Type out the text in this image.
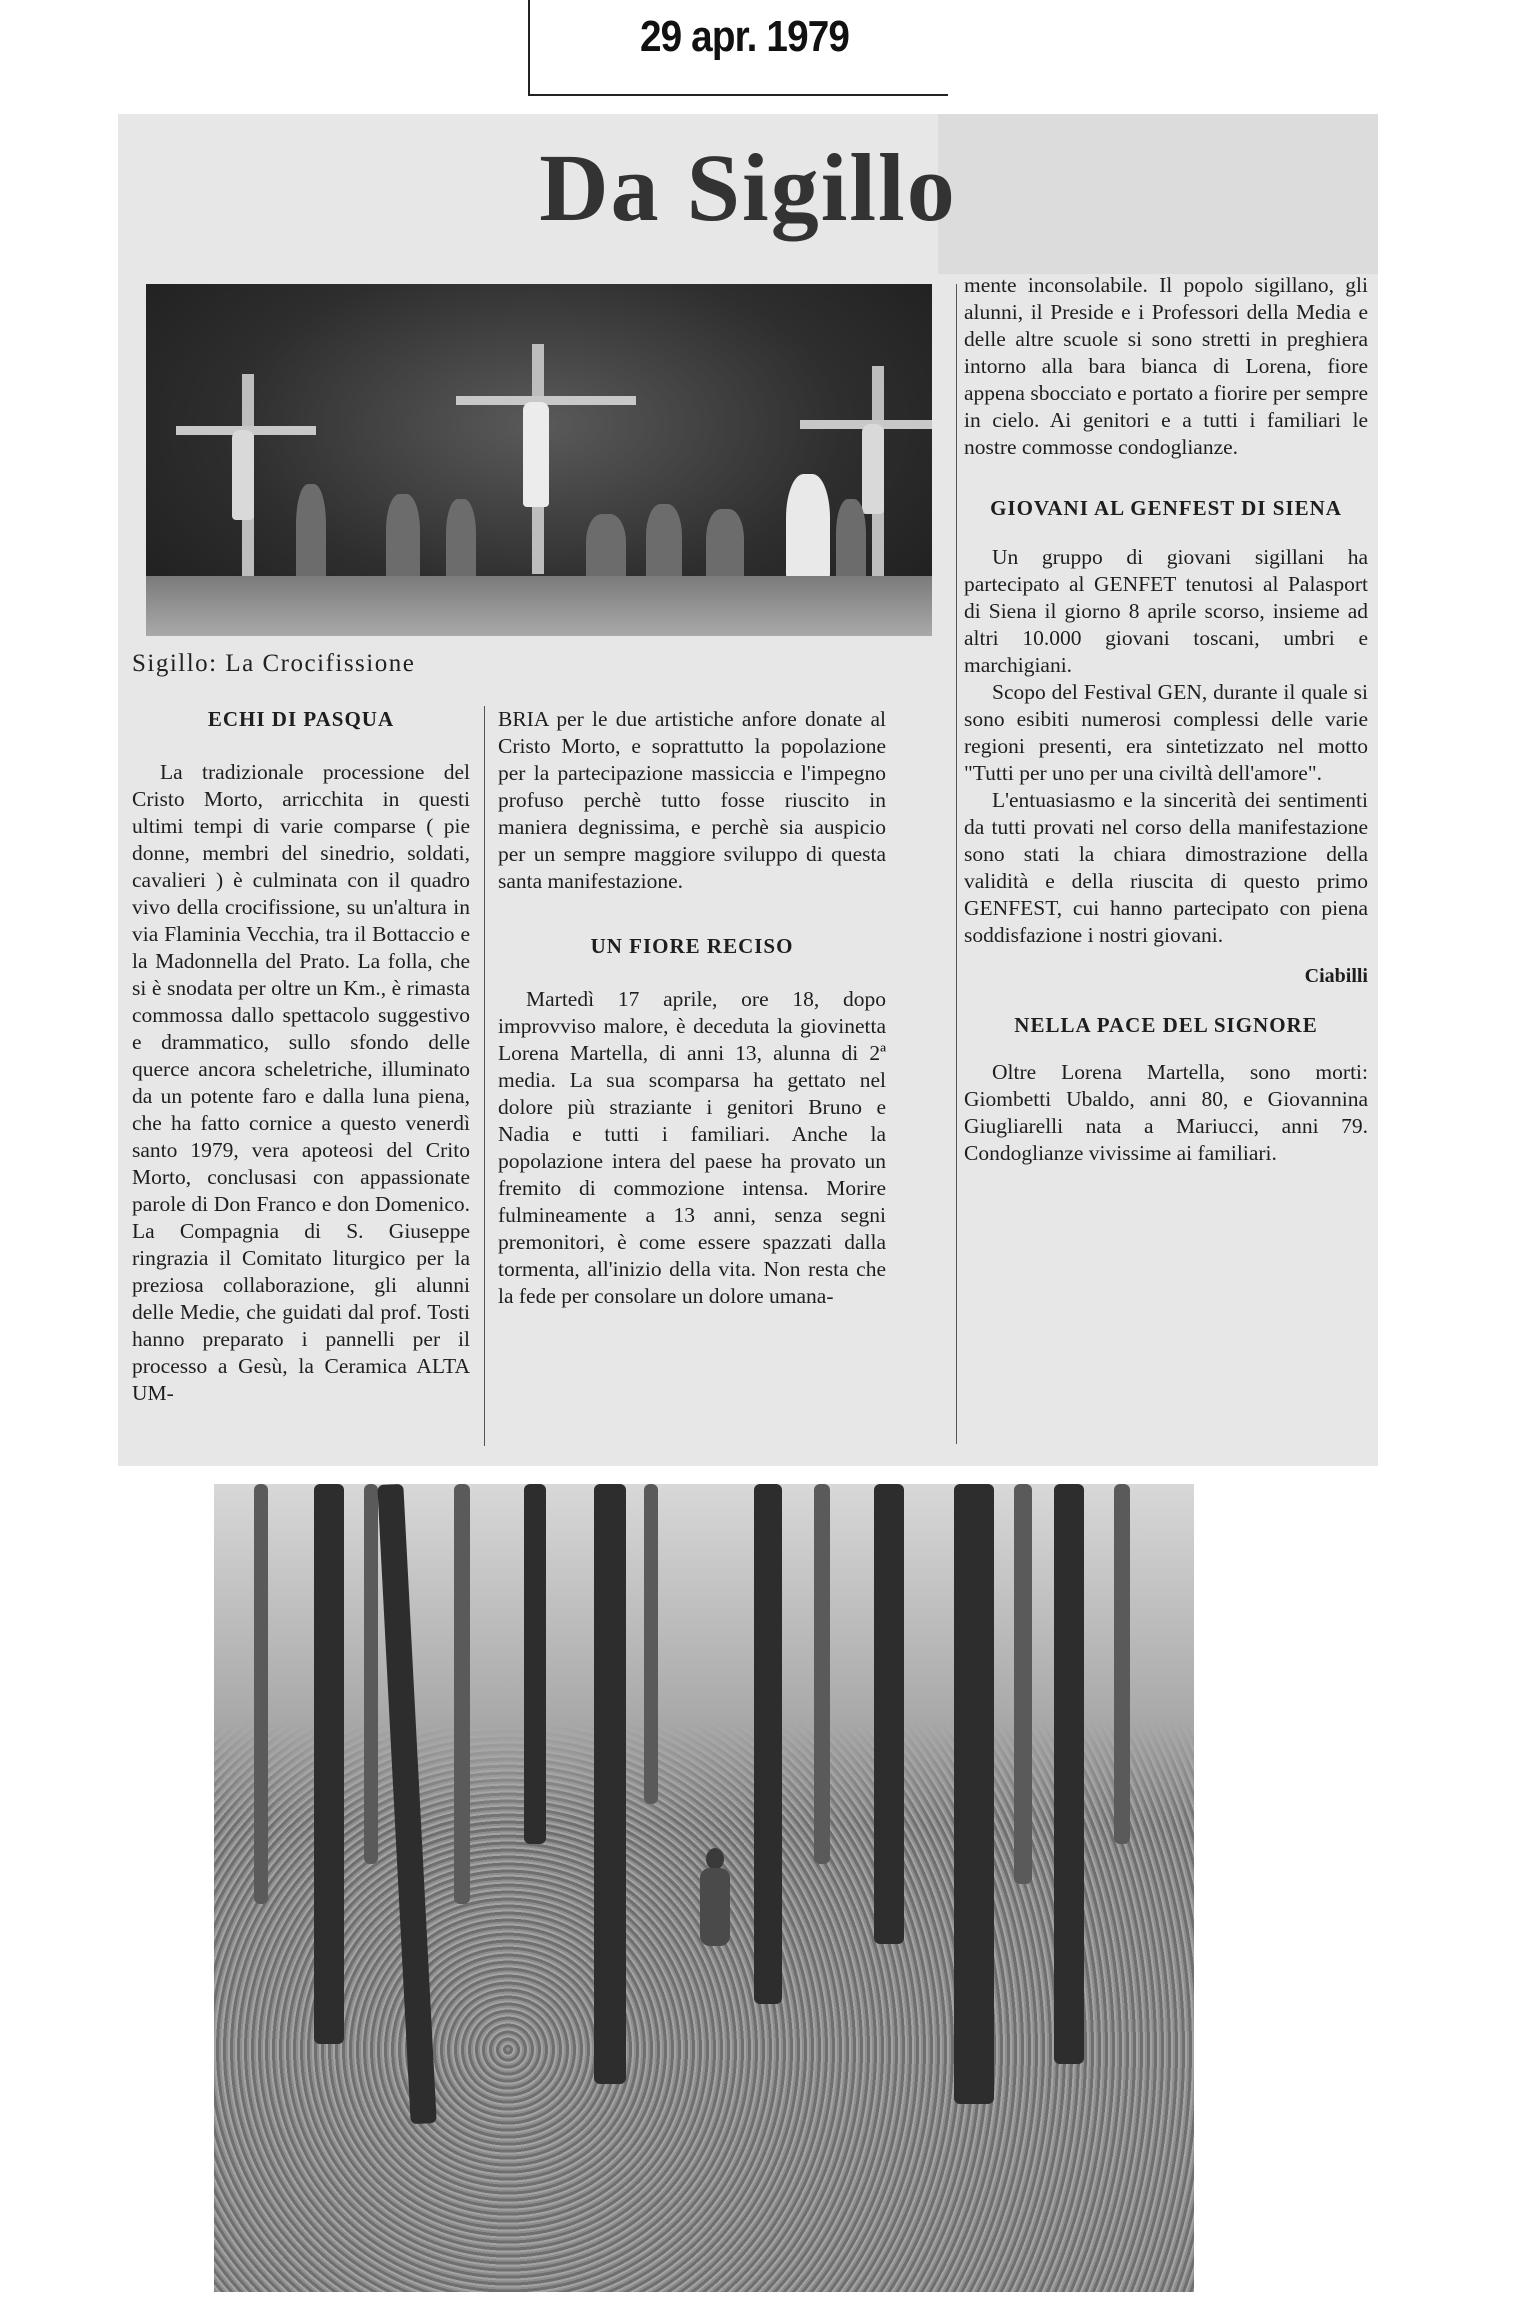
29 apr. 1979
Da Sigillo
Sigillo: La Crocifissione

ECHI DI PASQUA

La tradizionale processione del Cristo Morto, arricchita in questi ultimi tempi di varie comparse ( pie donne, membri del sinedrio, soldati, cavalieri ) è culminata con il quadro vivo della crocifissione, su un'altura in via Flaminia Vecchia, tra il Bottaccio e la Madonnella del Prato. La folla, che si è snodata per oltre un Km., è rimasta commossa dallo spettacolo suggestivo e drammatico, sullo sfondo delle querce ancora scheletriche, illuminato da un potente faro e dalla luna piena, che ha fatto cornice a questo venerdì santo 1979, vera apoteosi del Crito Morto, conclusasi con appassionate parole di Don Franco e don Domenico. La Compagnia di S. Giuseppe ringrazia il Comitato liturgico per la preziosa collaborazione, gli alunni delle Medie, che guidati dal prof. Tosti hanno preparato i pannelli per il processo a Gesù, la Ceramica ALTA UM-

BRIA per le due artistiche anfore donate al Cristo Morto, e soprattutto la popolazione per la partecipazione massiccia e l'impegno profuso perchè tutto fosse riuscito in maniera degnissima, e perchè sia auspicio per un sempre maggiore sviluppo di questa santa manifestazione.

UN FIORE RECISO

Martedì 17 aprile, ore 18, dopo improvviso malore, è deceduta la giovinetta Lorena Martella, di anni 13, alunna di 2ª media. La sua scomparsa ha gettato nel dolore più straziante i genitori Bruno e Nadia e tutti i familiari. Anche la popolazione intera del paese ha provato un fremito di commozione intensa. Morire fulmineamente a 13 anni, senza segni premonitori, è come essere spazzati dalla tormenta, all'inizio della vita. Non resta che la fede per consolare un dolore umana-

mente inconsolabile. Il popolo sigillano, gli alunni, il Preside e i Professori della Media e delle altre scuole si sono stretti in preghiera intorno alla bara bianca di Lorena, fiore appena sbocciato e portato a fiorire per sempre in cielo. Ai genitori e a tutti i familiari le nostre commosse condoglianze.

GIOVANI AL GENFEST DI SIENA

Un gruppo di giovani sigillani ha partecipato al GENFET tenutosi al Palasport di Siena il giorno 8 aprile scorso, insieme ad altri 10.000 giovani toscani, umbri e marchigiani.

Scopo del Festival GEN, durante il quale si sono esibiti numerosi complessi delle varie regioni presenti, era sintetizzato nel motto "Tutti per uno per una civiltà dell'amore".

L'entuasiasmo e la sincerità dei sentimenti da tutti provati nel corso della manifestazione sono stati la chiara dimostrazione della validità e della riuscita di questo primo GENFEST, cui hanno partecipato con piena soddisfazione i nostri giovani.

Ciabilli

NELLA PACE DEL SIGNORE

Oltre Lorena Martella, sono morti: Giombetti Ubaldo, anni 80, e Giovannina Giugliarelli nata a Mariucci, anni 79. Condoglianze vivissime ai familiari.
